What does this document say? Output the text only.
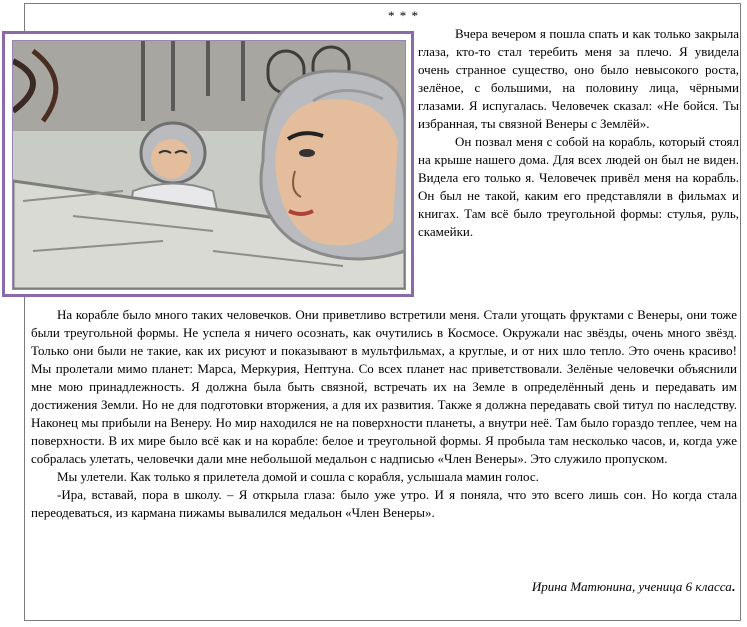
* * *

Вчера вечером я пошла спать и как только закрыла глаза, кто-то стал теребить меня за плечо. Я увидела очень странное существо, оно было невысокого роста, зелёное, с большими, на половину лица, чёрными глазами. Я испугалась. Человечек сказал: «Не бойся. Ты избранная, ты связной Венеры с Землёй».

Он позвал меня с собой на корабль, который стоял на крыше нашего дома. Для всех людей он был не виден. Видела его только я. Человечек привёл меня на корабль. Он был не такой, каким его представляли в фильмах и книгах. Там всё было треугольной формы: стулья, руль, скамейки.

На корабле было много таких человечков. Они приветливо встретили меня. Стали угощать фруктами с Венеры, они тоже были треугольной формы. Не успела я ничего осознать, как очутились в Космосе. Окружали нас звёзды, очень много звёзд. Только они были не такие, как их рисуют и показывают в мультфильмах, а круглые, и от них шло тепло. Это очень красиво! Мы пролетали мимо планет: Марса, Меркурия, Нептуна. Со всех планет нас приветствовали. Зелёные человечки объяснили мне мою принадлежность. Я должна была быть связной, встречать их на Земле в определённый день и передавать им достижения Земли. Но не для подготовки вторжения, а для их развития. Также я должна передавать свой титул по наследству. Наконец мы прибыли на Венеру. Но мир находился не на поверхности планеты, а внутри неё. Там было гораздо теплее, чем на поверхности. В их мире было всё как и на корабле: белое и треугольной формы. Я пробыла там несколько часов, и, когда уже собралась улетать, человечки дали мне небольшой медальон с надписью «Член Венеры». Это служило пропуском.

Мы улетели. Как только я прилетела домой и сошла с корабля, услышала мамин голос.

-Ира, вставай, пора в школу. – Я открыла глаза: было уже утро. И я поняла, что это всего лишь сон. Но когда стала переодеваться, из кармана пижамы вывалился медальон «Член Венеры».

Ирина Матюнина, ученица 6 класса.
